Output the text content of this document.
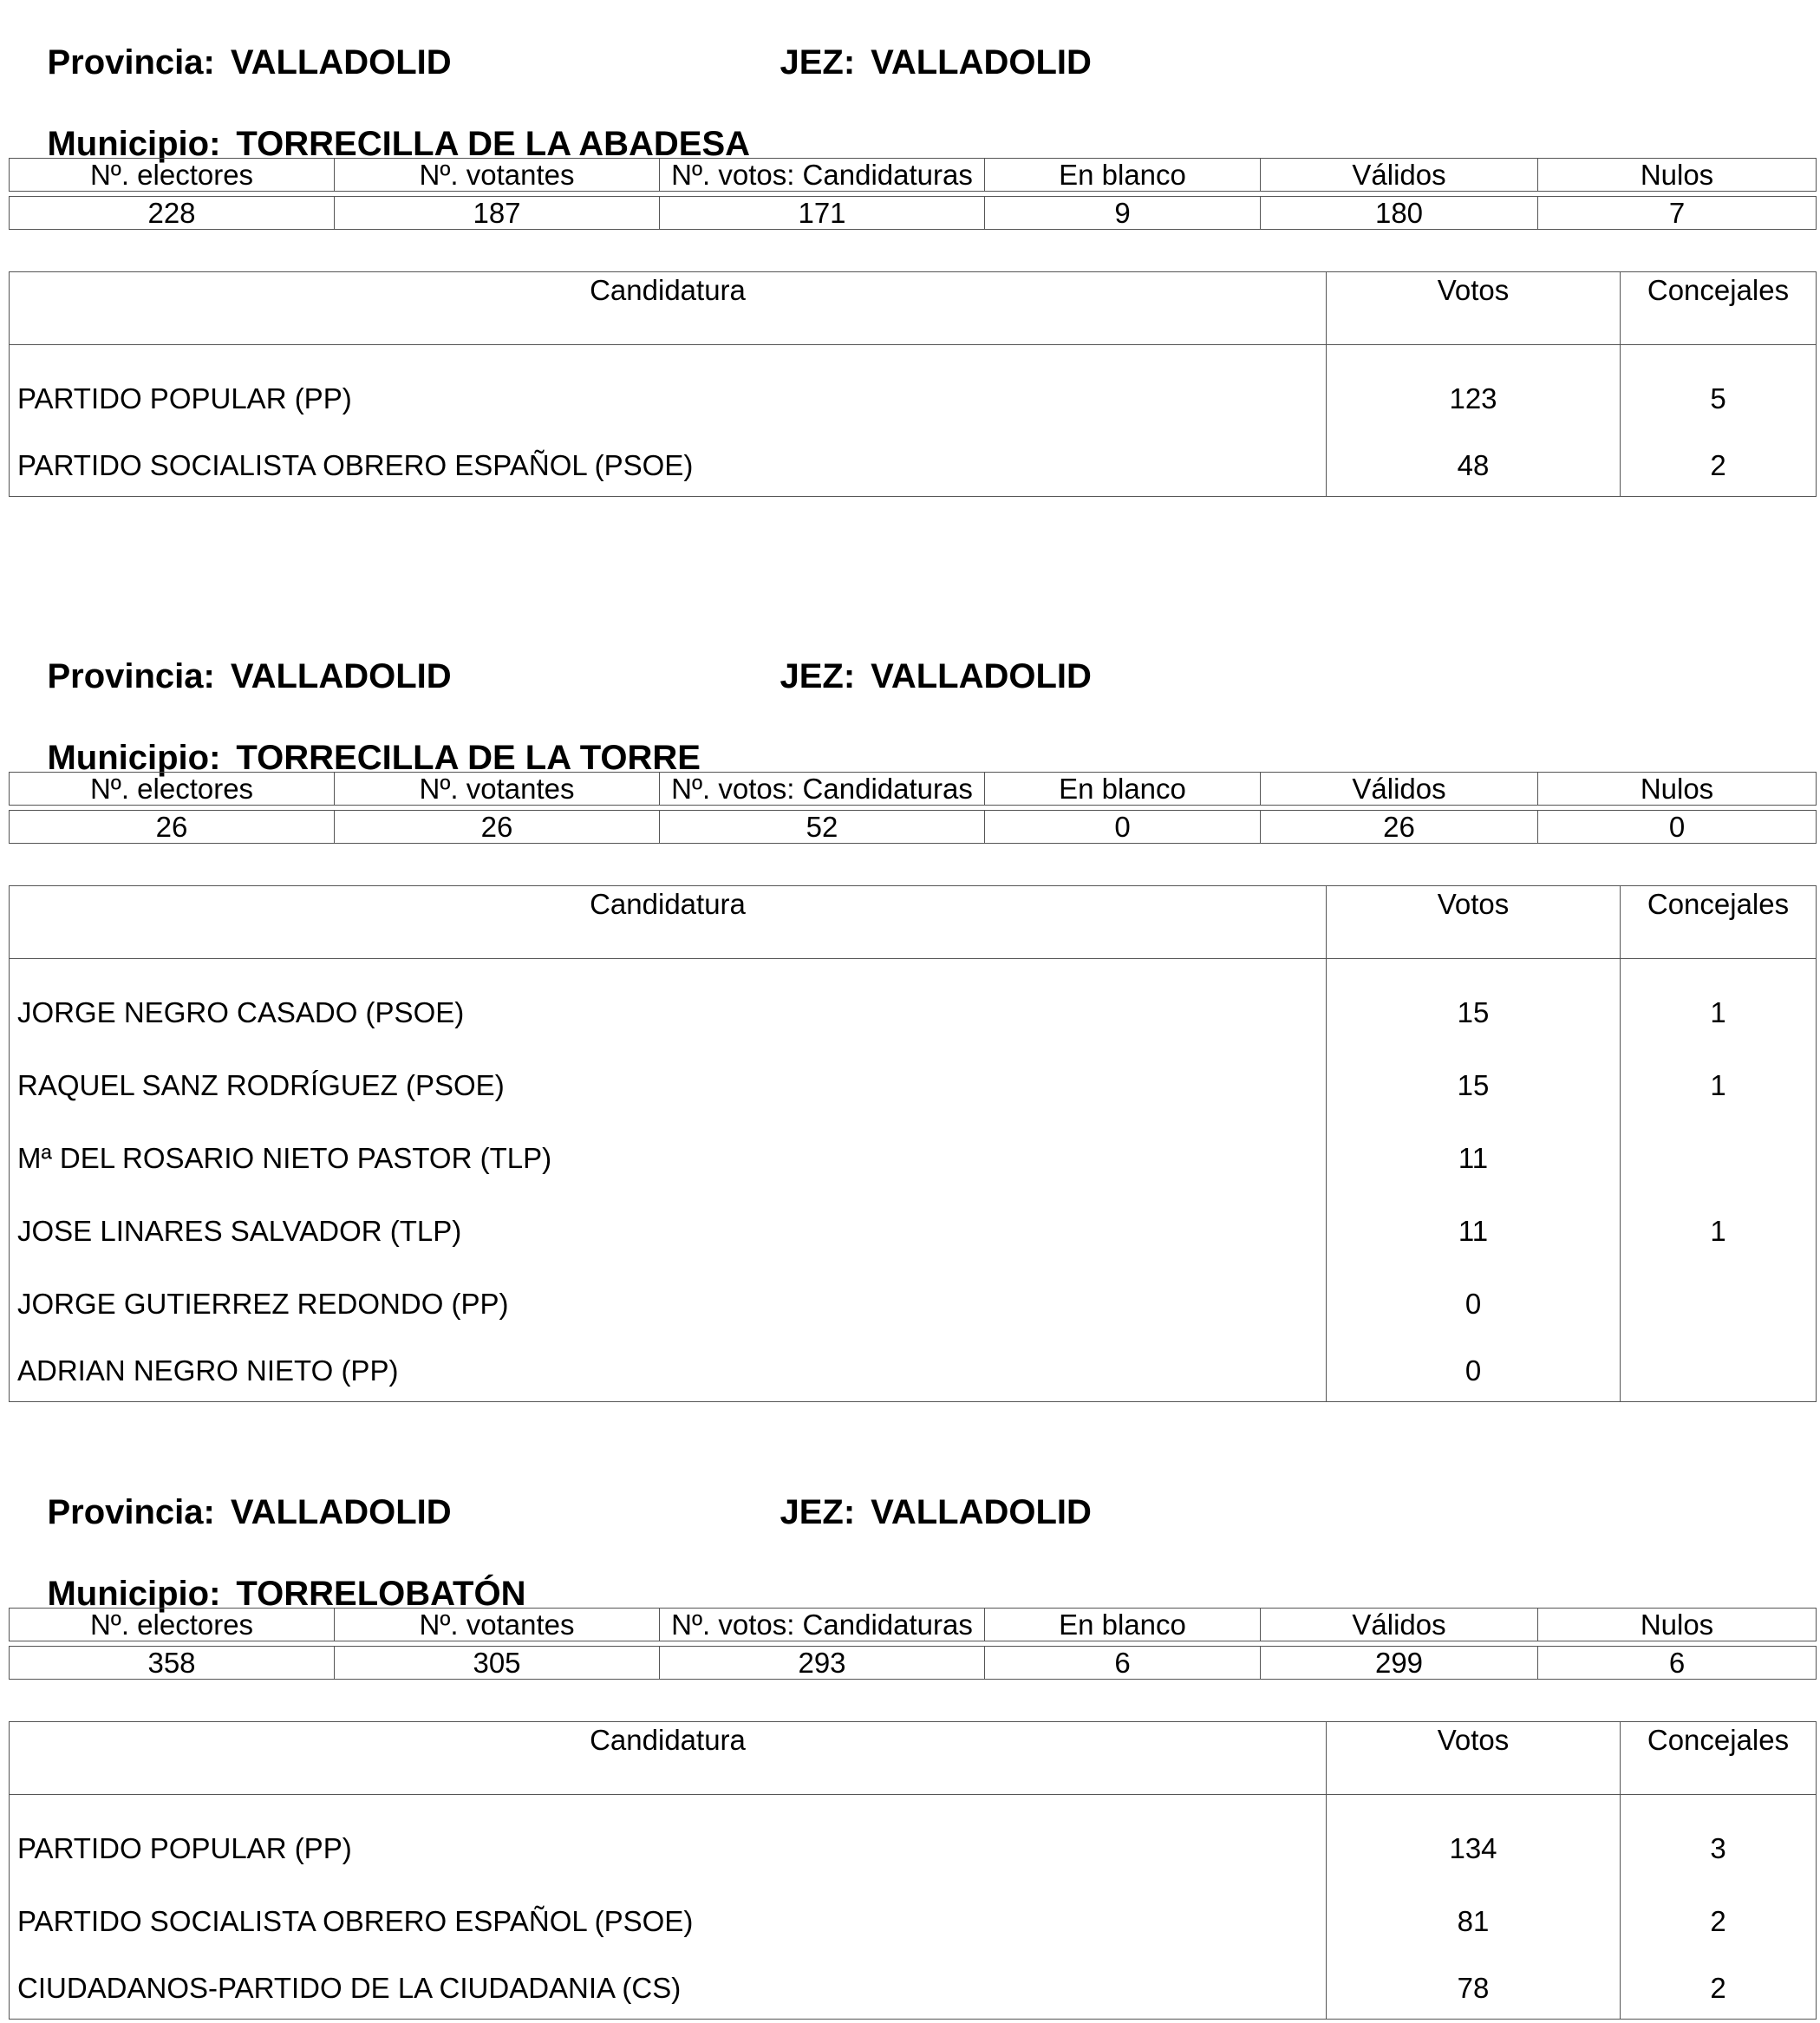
Provincia: VALLADOLID
	JEZ: VALLADOLID

Municipio: TORRECILLA DE LA ABADESA

Nº. electores	Nº. votantes	Nº. votos: Candidaturas	En blanco	Válidos	Nulos

228	187	171	9	180	7
Candidatura	Votos	Concejales
PARTIDO POPULAR (PP)	123	5
PARTIDO SOCIALISTA OBRERO ESPAÑOL (PSOE)	48	2

Provincia: VALLADOLID
	JEZ: VALLADOLID

Municipio: TORRECILLA DE LA TORRE

Nº. electores	Nº. votantes	Nº. votos: Candidaturas	En blanco	Válidos	Nulos

26	26	52	0	26	0
Candidatura	Votos	Concejales
JORGE NEGRO CASADO (PSOE)	15	1
RAQUEL SANZ RODRÍGUEZ (PSOE)	15	1
Mª DEL ROSARIO NIETO PASTOR (TLP)	11	
JOSE LINARES SALVADOR (TLP)	11	1
JORGE GUTIERREZ REDONDO (PP)	0	
ADRIAN NEGRO NIETO (PP)	0	

Provincia: VALLADOLID
	JEZ: VALLADOLID

Municipio: TORRELOBATÓN

Nº. electores	Nº. votantes	Nº. votos: Candidaturas	En blanco	Válidos	Nulos

358	305	293	6	299	6
Candidatura	Votos	Concejales
PARTIDO POPULAR (PP)	134	3
PARTIDO SOCIALISTA OBRERO ESPAÑOL (PSOE)	81	2
CIUDADANOS-PARTIDO DE LA CIUDADANIA (CS)	78	2
